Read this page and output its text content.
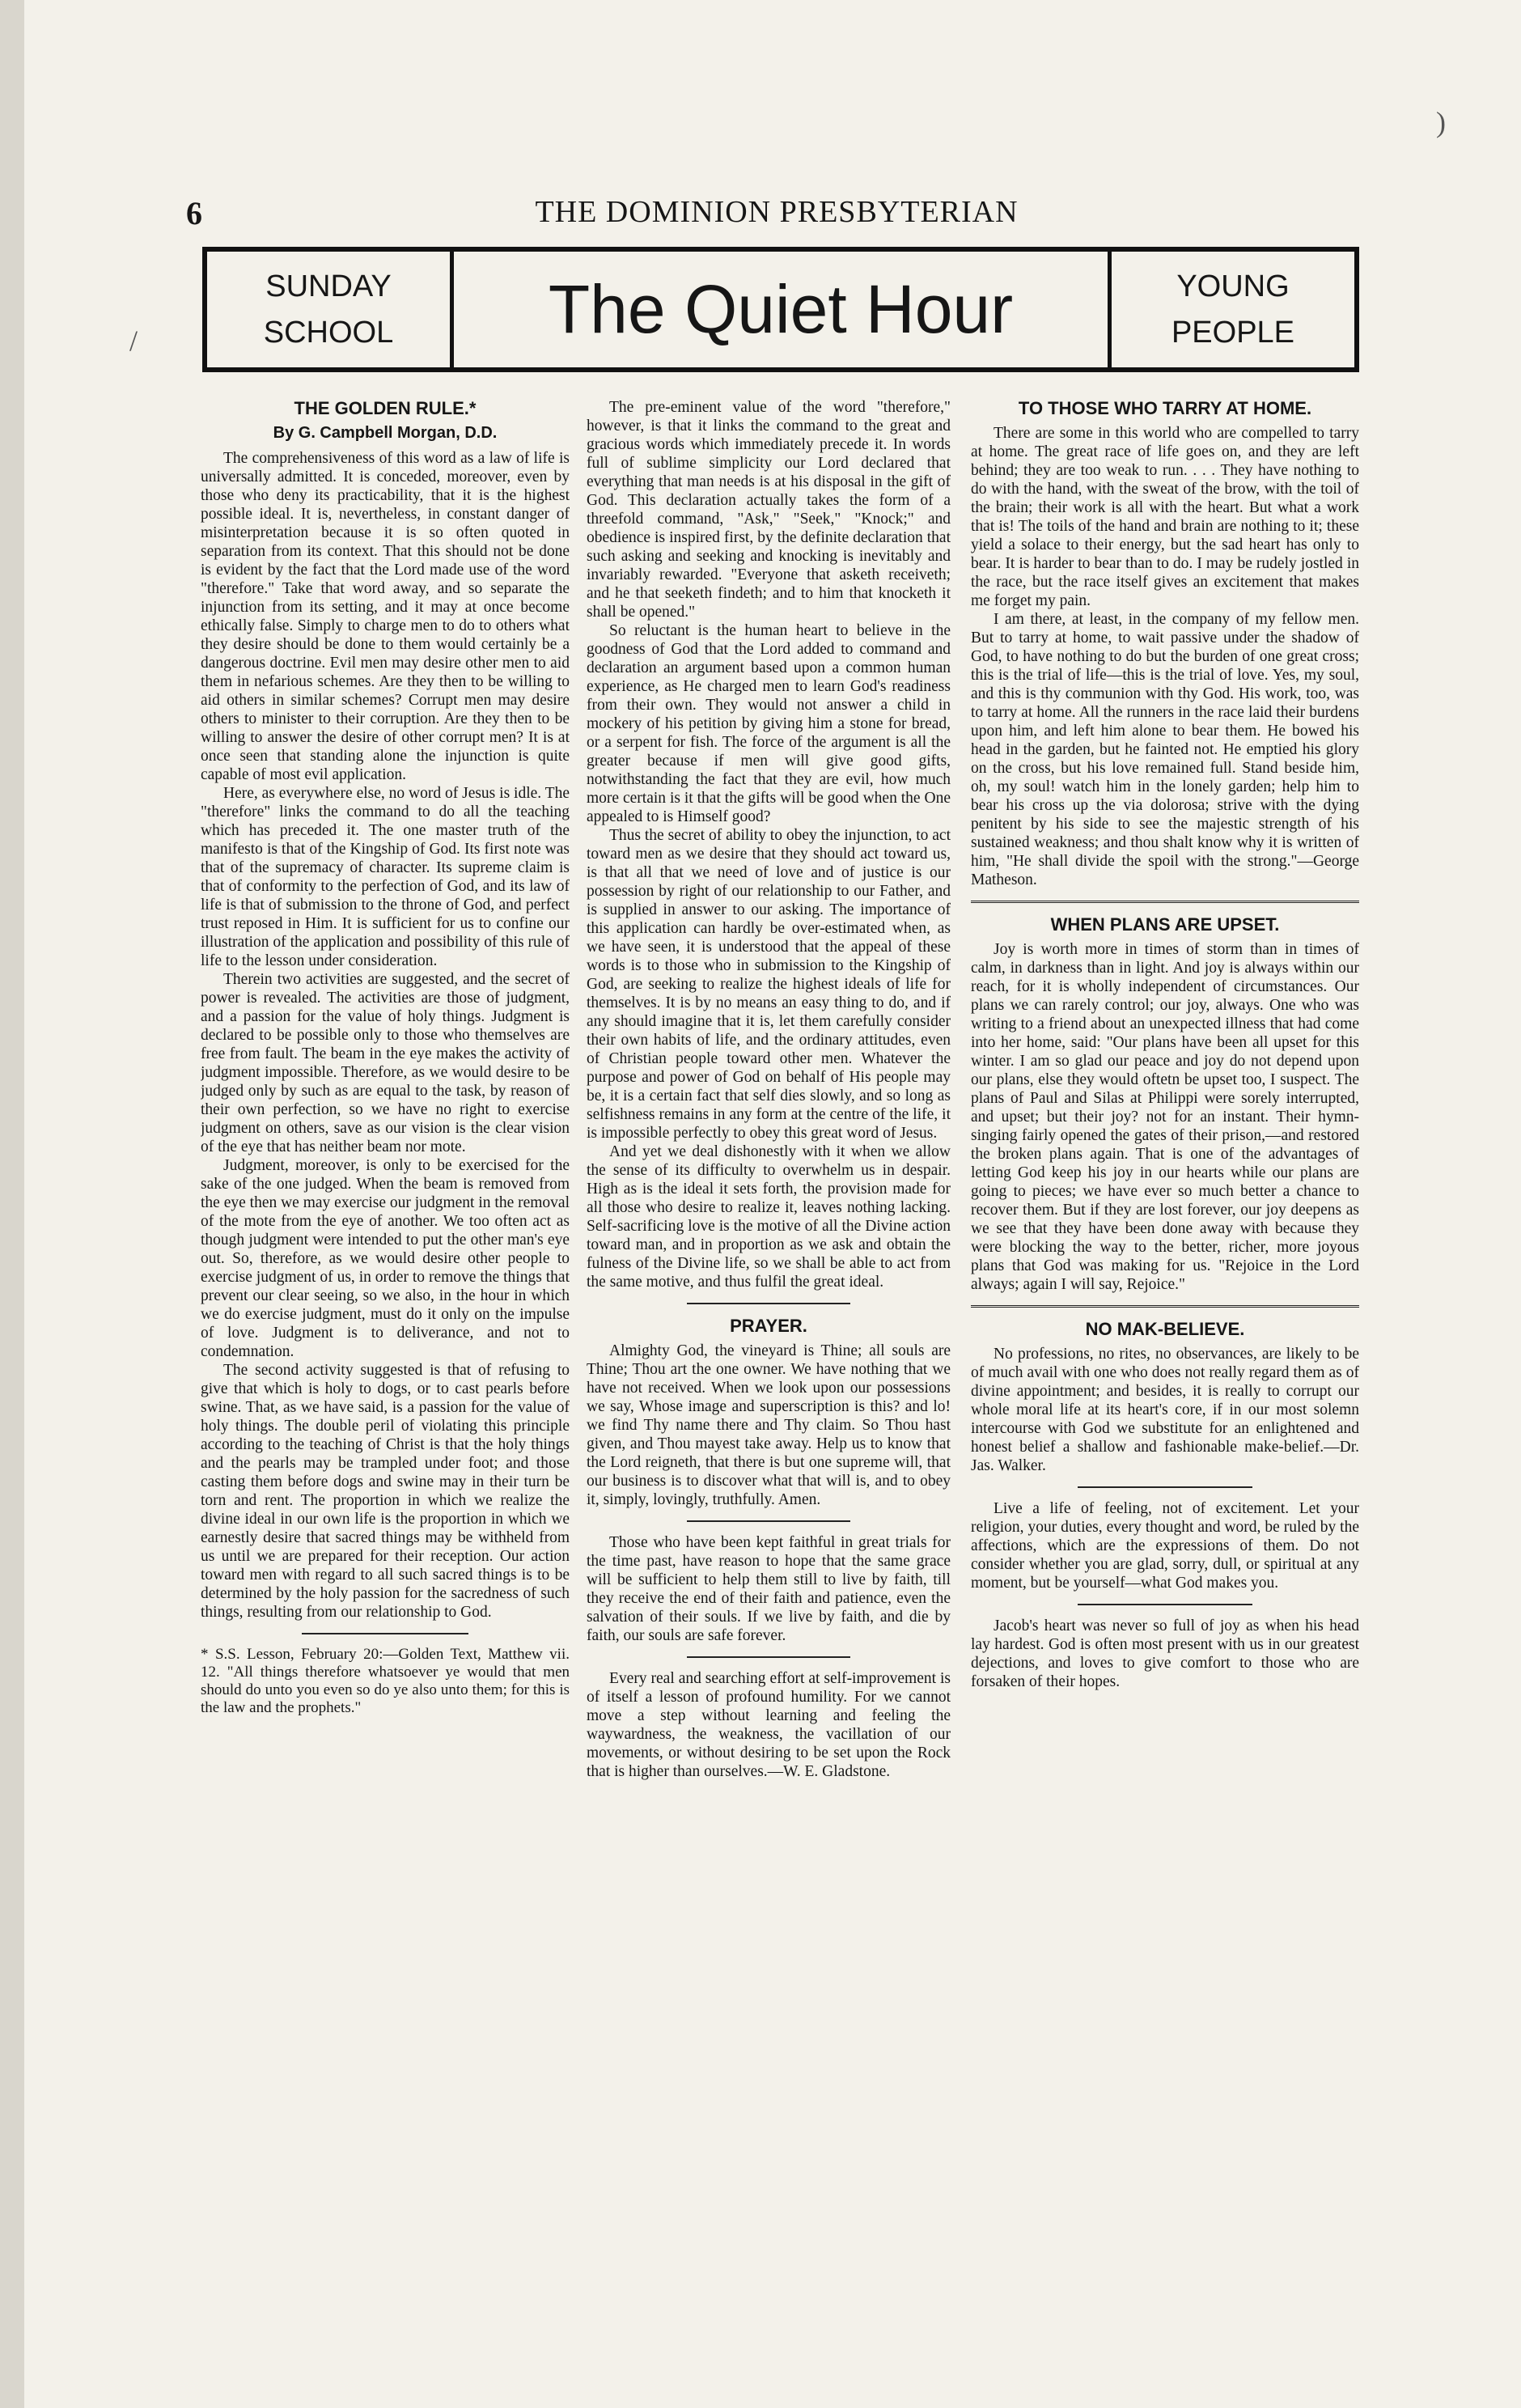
)
/
6	THE DOMINION PRESBYTERIAN
SUNDAY
SCHOOL	The Quiet Hour	YOUNG
PEOPLE
THE GOLDEN RULE.*
By G. Campbell Morgan, D.D.

The comprehensiveness of this word as a law of life is universally admitted. It is conceded, moreover, even by those who deny its practicability, that it is the highest possible ideal. It is, nevertheless, in constant danger of misinterpretation because it is so often quoted in separation from its context. That this should not be done is evident by the fact that the Lord made use of the word "therefore." Take that word away, and so separate the injunction from its setting, and it may at once become ethically false. Simply to charge men to do to others what they desire should be done to them would certainly be a dangerous doctrine. Evil men may desire other men to aid them in nefarious schemes. Are they then to be willing to aid others in similar schemes? Corrupt men may desire others to minister to their corruption. Are they then to be willing to answer the desire of other corrupt men? It is at once seen that standing alone the injunction is quite capable of most evil application.

Here, as everywhere else, no word of Jesus is idle. The "therefore" links the command to do all the teaching which has preceded it. The one master truth of the manifesto is that of the Kingship of God. Its first note was that of the supremacy of character. Its supreme claim is that of conformity to the perfection of God, and its law of life is that of submission to the throne of God, and perfect trust reposed in Him. It is sufficient for us to confine our illustration of the application and possibility of this rule of life to the lesson under consideration.

Therein two activities are suggested, and the secret of power is revealed. The activities are those of judgment, and a passion for the value of holy things. Judgment is declared to be possible only to those who themselves are free from fault. The beam in the eye makes the activity of judgment impossible. Therefore, as we would desire to be judged only by such as are equal to the task, by reason of their own perfection, so we have no right to exercise judgment on others, save as our vision is the clear vision of the eye that has neither beam nor mote.

Judgment, moreover, is only to be exercised for the sake of the one judged. When the beam is removed from the eye then we may exercise our judgment in the removal of the mote from the eye of another. We too often act as though judgment were intended to put the other man's eye out. So, therefore, as we would desire other people to exercise judgment of us, in order to remove the things that prevent our clear seeing, so we also, in the hour in which we do exercise judgment, must do it only on the impulse of love. Judgment is to deliverance, and not to condemnation.

The second activity suggested is that of refusing to give that which is holy to dogs, or to cast pearls before swine. That, as we have said, is a passion for the value of holy things. The double peril of violating this principle according to the teaching of Christ is that the holy things and the pearls may be trampled under foot; and those casting them before dogs and swine may in their turn be torn and rent. The proportion in which we realize the divine ideal in our own life is the proportion in which we earnestly desire that sacred things may be withheld from us until we are prepared for their reception. Our action toward men with regard to all such sacred things is to be determined by the holy passion for the sacredness of such things, resulting from our relationship to God.

* S.S. Lesson, February 20:—Golden Text, Matthew vii. 12. "All things therefore whatsoever ye would that men should do unto you even so do ye also unto them; for this is the law and the prophets."

The pre-eminent value of the word "therefore," however, is that it links the command to the great and gracious words which immediately precede it. In words full of sublime simplicity our Lord declared that everything that man needs is at his disposal in the gift of God. This declaration actually takes the form of a threefold command, "Ask," "Seek," "Knock;" and obedience is inspired first, by the definite declaration that such asking and seeking and knocking is inevitably and invariably rewarded. "Everyone that asketh receiveth; and he that seeketh findeth; and to him that knocketh it shall be opened."

So reluctant is the human heart to believe in the goodness of God that the Lord added to command and declaration an argument based upon a common human experience, as He charged men to learn God's readiness from their own. They would not answer a child in mockery of his petition by giving him a stone for bread, or a serpent for fish. The force of the argument is all the greater because if men will give good gifts, notwithstanding the fact that they are evil, how much more certain is it that the gifts will be good when the One appealed to is Himself good?

Thus the secret of ability to obey the injunction, to act toward men as we desire that they should act toward us, is that all that we need of love and of justice is our possession by right of our relationship to our Father, and is supplied in answer to our asking. The importance of this application can hardly be over-estimated when, as we have seen, it is understood that the appeal of these words is to those who in submission to the Kingship of God, are seeking to realize the highest ideals of life for themselves. It is by no means an easy thing to do, and if any should imagine that it is, let them carefully consider their own habits of life, and the ordinary attitudes, even of Christian people toward other men. Whatever the purpose and power of God on behalf of His people may be, it is a certain fact that self dies slowly, and so long as selfishness remains in any form at the centre of the life, it is impossible perfectly to obey this great word of Jesus.

And yet we deal dishonestly with it when we allow the sense of its difficulty to overwhelm us in despair. High as is the ideal it sets forth, the provision made for all those who desire to realize it, leaves nothing lacking. Self-sacrificing love is the motive of all the Divine action toward man, and in proportion as we ask and obtain the fulness of the Divine life, so we shall be able to act from the same motive, and thus fulfil the great ideal.

PRAYER.

Almighty God, the vineyard is Thine; all souls are Thine; Thou art the one owner. We have nothing that we have not received. When we look upon our possessions we say, Whose image and superscription is this? and lo! we find Thy name there and Thy claim. So Thou hast given, and Thou mayest take away. Help us to know that the Lord reigneth, that there is but one supreme will, that our business is to discover what that will is, and to obey it, simply, lovingly, truthfully. Amen.

Those who have been kept faithful in great trials for the time past, have reason to hope that the same grace will be sufficient to help them still to live by faith, till they receive the end of their faith and patience, even the salvation of their souls. If we live by faith, and die by faith, our souls are safe forever.

Every real and searching effort at self-improvement is of itself a lesson of profound humility. For we cannot move a step without learning and feeling the waywardness, the weakness, the vacillation of our movements, or without desiring to be set upon the Rock that is higher than ourselves.—W. E. Gladstone.

TO THOSE WHO TARRY AT HOME.

There are some in this world who are compelled to tarry at home. The great race of life goes on, and they are left behind; they are too weak to run. . . . They have nothing to do with the hand, with the sweat of the brow, with the toil of the brain; their work is all with the heart. But what a work that is! The toils of the hand and brain are nothing to it; these yield a solace to their energy, but the sad heart has only to bear. It is harder to bear than to do. I may be rudely jostled in the race, but the race itself gives an excitement that makes me forget my pain.

I am there, at least, in the company of my fellow men. But to tarry at home, to wait passive under the shadow of God, to have nothing to do but the burden of one great cross; this is the trial of life—this is the trial of love. Yes, my soul, and this is thy communion with thy God. His work, too, was to tarry at home. All the runners in the race laid their burdens upon him, and left him alone to bear them. He bowed his head in the garden, but he fainted not. He emptied his glory on the cross, but his love remained full. Stand beside him, oh, my soul! watch him in the lonely garden; help him to bear his cross up the via dolorosa; strive with the dying penitent by his side to see the majestic strength of his sustained weakness; and thou shalt know why it is written of him, "He shall divide the spoil with the strong."—George Matheson.

WHEN PLANS ARE UPSET.

Joy is worth more in times of storm than in times of calm, in darkness than in light. And joy is always within our reach, for it is wholly independent of circumstances. Our plans we can rarely control; our joy, always. One who was writing to a friend about an unexpected illness that had come into her home, said: "Our plans have been all upset for this winter. I am so glad our peace and joy do not depend upon our plans, else they would oftetn be upset too, I suspect. The plans of Paul and Silas at Philippi were sorely interrupted, and upset; but their joy? not for an instant. Their hymn-singing fairly opened the gates of their prison,—and restored the broken plans again. That is one of the advantages of letting God keep his joy in our hearts while our plans are going to pieces; we have ever so much better a chance to recover them. But if they are lost forever, our joy deepens as we see that they have been done away with because they were blocking the way to the better, richer, more joyous plans that God was making for us. "Rejoice in the Lord always; again I will say, Rejoice."

NO MAK-BELIEVE.

No professions, no rites, no observances, are likely to be of much avail with one who does not really regard them as of divine appointment; and besides, it is really to corrupt our whole moral life at its heart's core, if in our most solemn intercourse with God we substitute for an enlightened and honest belief a shallow and fashionable make-belief.—Dr. Jas. Walker.

Live a life of feeling, not of excitement. Let your religion, your duties, every thought and word, be ruled by the affections, which are the expressions of them. Do not consider whether you are glad, sorry, dull, or spiritual at any moment, but be yourself—what God makes you.

Jacob's heart was never so full of joy as when his head lay hardest. God is often most present with us in our greatest dejections, and loves to give comfort to those who are forsaken of their hopes.
